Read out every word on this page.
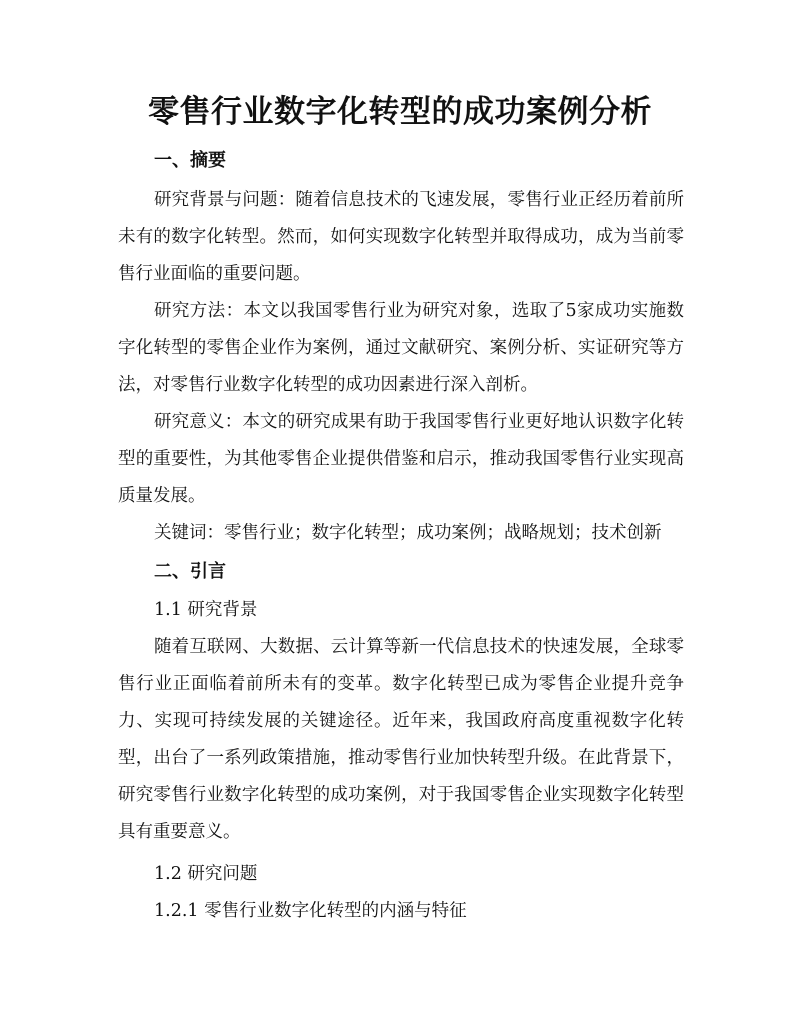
零售行业数字化转型的成功案例分析

一、摘要

研究背景与问题：随着信息技术的飞速发展，零售行业正经历着前所未有的数字化转型。然而，如何实现数字化转型并取得成功，成为当前零售行业面临的重要问题。

研究方法：本文以我国零售行业为研究对象，选取了5家成功实施数字化转型的零售企业作为案例，通过文献研究、案例分析、实证研究等方法，对零售行业数字化转型的成功因素进行深入剖析。

研究意义：本文的研究成果有助于我国零售行业更好地认识数字化转型的重要性，为其他零售企业提供借鉴和启示，推动我国零售行业实现高质量发展。

关键词：零售行业；数字化转型；成功案例；战略规划；技术创新

二、引言

1.1 研究背景

随着互联网、大数据、云计算等新一代信息技术的快速发展，全球零售行业正面临着前所未有的变革。数字化转型已成为零售企业提升竞争力、实现可持续发展的关键途径。近年来，我国政府高度重视数字化转型，出台了一系列政策措施，推动零售行业加快转型升级。在此背景下，研究零售行业数字化转型的成功案例，对于我国零售企业实现数字化转型具有重要意义。

1.2 研究问题

1.2.1 零售行业数字化转型的内涵与特征
